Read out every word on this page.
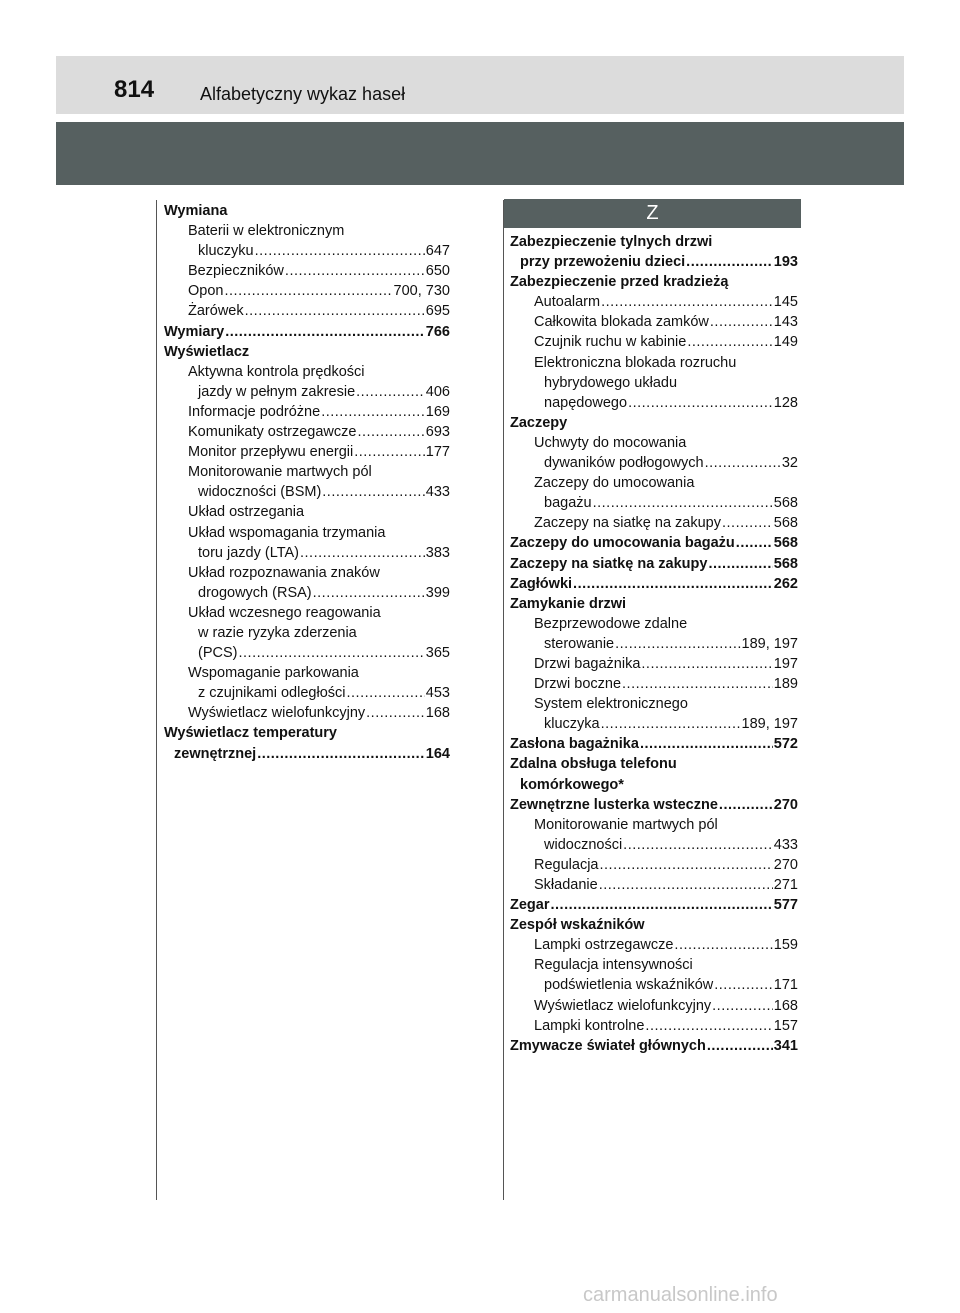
814	Alfabetyczny wykaz haseł
Z
Wymiana
Baterii w elektronicznym
kluczyku .....	647
Bezpieczników .....	650
Opon .....	700, 730
Żarówek .....	695
Wymiary .....	766
Wyświetlacz
Aktywna kontrola prędkości
jazdy w pełnym zakresie .....	406
Informacje podróżne .....	169
Komunikaty ostrzegawcze .....	693
Monitor przepływu energii .....	177
Monitorowanie martwych pól
widoczności (BSM) .....	433
Układ ostrzegania
Układ wspomagania trzymania
toru jazdy (LTA) .....	383
Układ rozpoznawania znaków
drogowych (RSA) .....	399
Układ wczesnego reagowania
w razie ryzyka zderzenia
(PCS) .....	365
Wspomaganie parkowania
z czujnikami odległości .....	453
Wyświetlacz wielofunkcyjny .....	168
Wyświetlacz temperatury
zewnętrznej .....	164
Zabezpieczenie tylnych drzwi
przy przewożeniu dzieci .....	193
Zabezpieczenie przed kradzieżą
Autoalarm .....	145
Całkowita blokada zamków .....	143
Czujnik ruchu w kabinie .....	149
Elektroniczna blokada rozruchu
hybrydowego układu
napędowego .....	128
Zaczepy
Uchwyty do mocowania
dywaników podłogowych .....	32
Zaczepy do umocowania
bagażu .....	568
Zaczepy na siatkę na zakupy .....	568
Zaczepy do umocowania bagażu .....	568
Zaczepy na siatkę na zakupy .....	568
Zagłówki .....	262
Zamykanie drzwi
Bezprzewodowe zdalne
sterowanie .....	189, 197
Drzwi bagażnika .....	197
Drzwi boczne .....	189
System elektronicznego
kluczyka .....	189, 197
Zasłona bagażnika .....	572
Zdalna obsługa telefonu
komórkowego*
Zewnętrzne lusterka wsteczne .....	270
Monitorowanie martwych pól
widoczności .....	433
Regulacja .....	270
Składanie .....	271
Zegar .....	577
Zespół wskaźników
Lampki ostrzegawcze .....	159
Regulacja intensywności
podświetlenia wskaźników .....	171
Wyświetlacz wielofunkcyjny .....	168
Lampki kontrolne .....	157
Zmywacze świateł głównych .....	341
carmanualsonline.info
